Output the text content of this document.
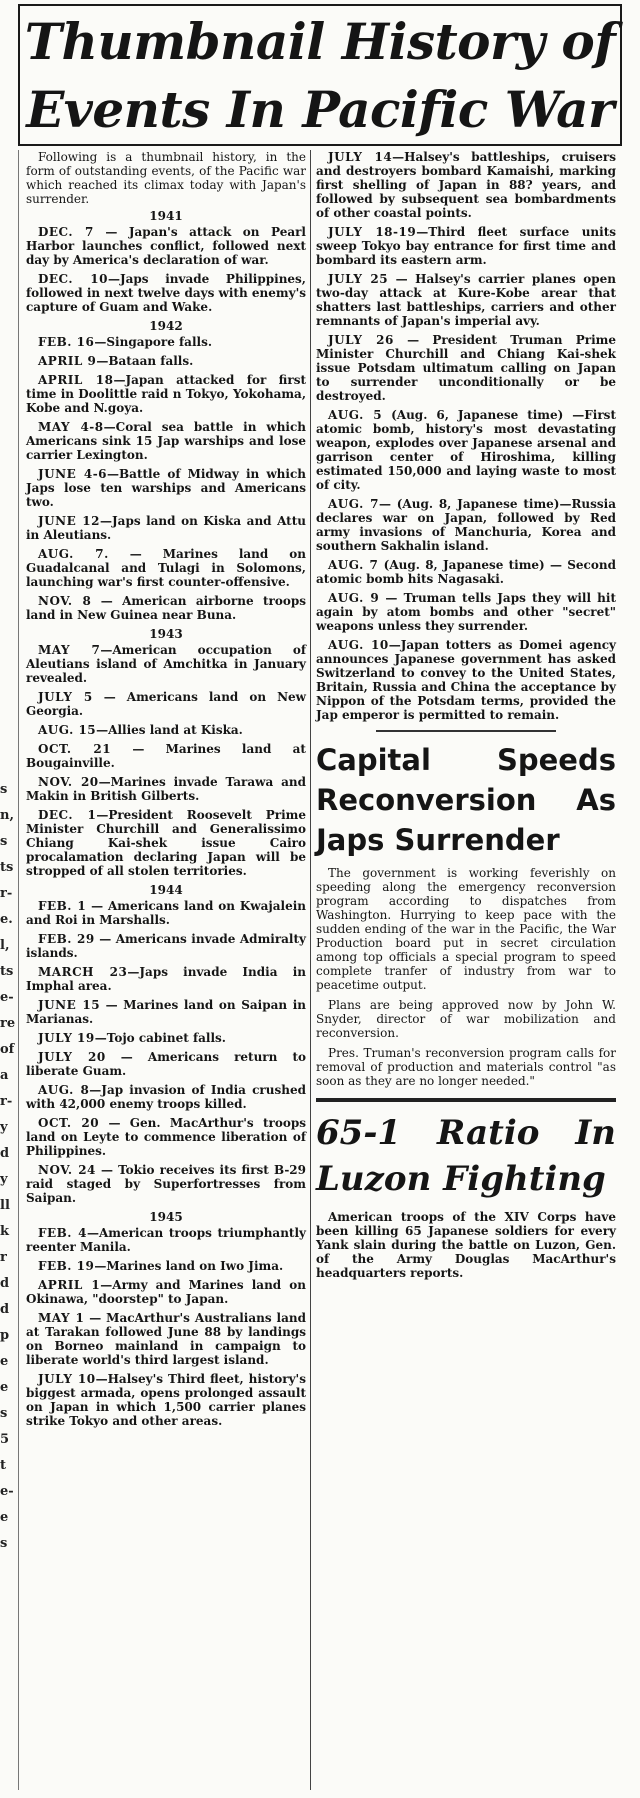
s
n,
s
ts
r-
e.
l,
ts
e-
re
of
a
r-
y
d
y
ll
k
r
d
d
p
e
e
s
5
t
e-
e
s
Thumbnail History of
Events In Pacific War

Following is a thumbnail history, in the form of outstanding events, of the Pacific war which reached its climax today with Japan's surrender.

1941

DEC. 7 — Japan's attack on Pearl Harbor launches conflict, followed next day by America's declaration of war.

DEC. 10—Japs invade Philippines, followed in next twelve days with enemy's capture of Guam and Wake.

1942

FEB. 16—Singapore falls.

APRIL 9—Bataan falls.

APRIL 18—Japan attacked for first time in Doolittle raid n Tokyo, Yokohama, Kobe and N.goya.

MAY 4-8—Coral sea battle in which Americans sink 15 Jap warships and lose carrier Lexington.

JUNE 4-6—Battle of Midway in which Japs lose ten warships and Americans two.

JUNE 12—Japs land on Kiska and Attu in Aleutians.

AUG. 7. — Marines land on Guadalcanal and Tulagi in Solomons, launching war's first counter-offensive.

NOV. 8 — American airborne troops land in New Guinea near Buna.

1943

MAY 7—American occupation of Aleutians island of Amchitka in January revealed.

JULY 5 — Americans land on New Georgia.

AUG. 15—Allies land at Kiska.

OCT. 21 — Marines land at Bougainville.

NOV. 20—Marines invade Tarawa and Makin in British Gilberts.

DEC. 1—President Roosevelt Prime Minister Churchill and Generalissimo Chiang Kai-shek issue Cairo procalamation declaring Japan will be stropped of all stolen territories.

1944

FEB. 1 — Americans land on Kwajalein and Roi in Marshalls.

FEB. 29 — Americans invade Admiralty islands.

MARCH 23—Japs invade India in Imphal area.

JUNE 15 — Marines land on Saipan in Marianas.

JULY 19—Tojo cabinet falls.

JULY 20 — Americans return to liberate Guam.

AUG. 8—Jap invasion of India crushed with 42,000 enemy troops killed.

OCT. 20 — Gen. MacArthur's troops land on Leyte to commence liberation of Philippines.

NOV. 24 — Tokio receives its first B-29 raid staged by Superfortresses from Saipan.

1945

FEB. 4—American troops triumphantly reenter Manila.

FEB. 19—Marines land on Iwo Jima.

APRIL 1—Army and Marines land on Okinawa, "doorstep" to Japan.

MAY 1 — MacArthur's Australians land at Tarakan followed June 88 by landings on Borneo mainland in campaign to liberate world's third largest island.

JULY 10—Halsey's Third fleet, history's biggest armada, opens prolonged assault on Japan in which 1,500 carrier planes strike Tokyo and other areas.

JULY 14—Halsey's battleships, cruisers and destroyers bombard Kamaishi, marking first shelling of Japan in 88? years, and followed by subsequent sea bombardments of other coastal points.

JULY 18-19—Third fleet surface units sweep Tokyo bay entrance for first time and bombard its eastern arm.

JULY 25 — Halsey's carrier planes open two-day attack at Kure-Kobe arear that shatters last battleships, carriers and other remnants of Japan's imperial avy.

JULY 26 — President Truman Prime Minister Churchill and Chiang Kai-shek issue Potsdam ultimatum calling on Japan to surrender unconditionally or be destroyed.

AUG. 5 (Aug. 6, Japanese time) —First atomic bomb, history's most devastating weapon, explodes over Japanese arsenal and garrison center of Hiroshima, killing estimated 150,000 and laying waste to most of city.

AUG. 7— (Aug. 8, Japanese time)—Russia declares war on Japan, followed by Red army invasions of Manchuria, Korea and southern Sakhalin island.

AUG. 7 (Aug. 8, Japanese time) — Second atomic bomb hits Nagasaki.

AUG. 9 — Truman tells Japs they will hit again by atom bombs and other "secret" weapons unless they surrender.

AUG. 10—Japan totters as Domei agency announces Japanese government has asked Switzerland to convey to the United States, Britain, Russia and China the acceptance by Nippon of the Potsdam terms, provided the Jap emperor is permitted to remain.

Capital Speeds Reconversion As Japs Surrender

The government is working feverishly on speeding along the emergency reconversion program according to dispatches from Washington. Hurrying to keep pace with the sudden ending of the war in the Pacific, the War Production board put in secret circulation among top officials a special program to speed complete tranfer of industry from war to peacetime output.

Plans are being approved now by John W. Snyder, director of war mobilization and reconversion.

Pres. Truman's reconversion program calls for removal of production and materials control "as soon as they are no longer needed."

65-1 Ratio In Luzon Fighting

American troops of the XIV Corps have been killing 65 Japanese soldiers for every Yank slain during the battle on Luzon, Gen. of the Army Douglas MacArthur's headquarters reports.
